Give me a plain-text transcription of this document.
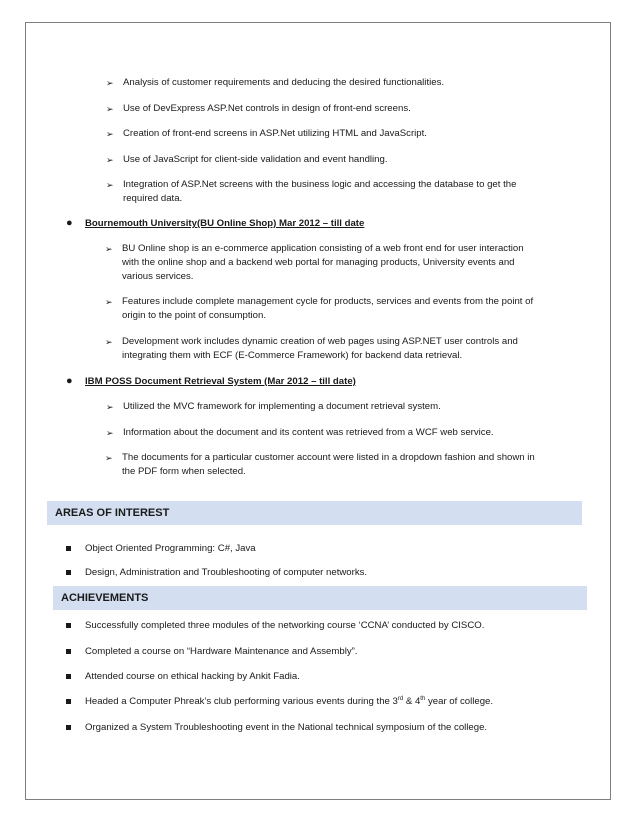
➢ Analysis of customer requirements and deducing the desired functionalities.
➢ Use of DevExpress ASP.Net controls in design of front-end screens.
➢ Creation of front-end screens in ASP.Net utilizing HTML and JavaScript.
➢ Use of JavaScript for client-side validation and event handling.
➢ Integration of ASP.Net screens with the business logic and accessing the database to get the
required data.
● Bournemouth University(BU Online Shop) Mar 2012 – till date
➢ BU Online shop is an e-commerce application consisting of a web front end for user interaction
with the online shop and a backend web portal for managing products, University events and
various services.
➢ Features include complete management cycle for products, services and events from the point of
origin to the point of consumption.
➢ Development work includes dynamic creation of web pages using ASP.NET user controls and
integrating them with ECF (E-Commerce Framework) for backend data retrieval.
● IBM POSS Document Retrieval System (Mar 2012 – till date)
➢ Utilized the MVC framework for implementing a document retrieval system.
➢ Information about the document and its content was retrieved from a WCF web service.
➢ The documents for a particular customer account were listed in a dropdown fashion and shown in
the PDF form when selected.
AREAS OF INTEREST
Object Oriented Programming: C#, Java
Design, Administration and Troubleshooting of computer networks.
ACHIEVEMENTS
Successfully completed three modules of the networking course ‘CCNA’ conducted by CISCO.
Completed a course on “Hardware Maintenance and Assembly”.
Attended course on ethical hacking by Ankit Fadia.
Headed a Computer Phreak’s club performing various events during the 3rd & 4th year of college.
Organized a System Troubleshooting event in the National technical symposium of the college.
